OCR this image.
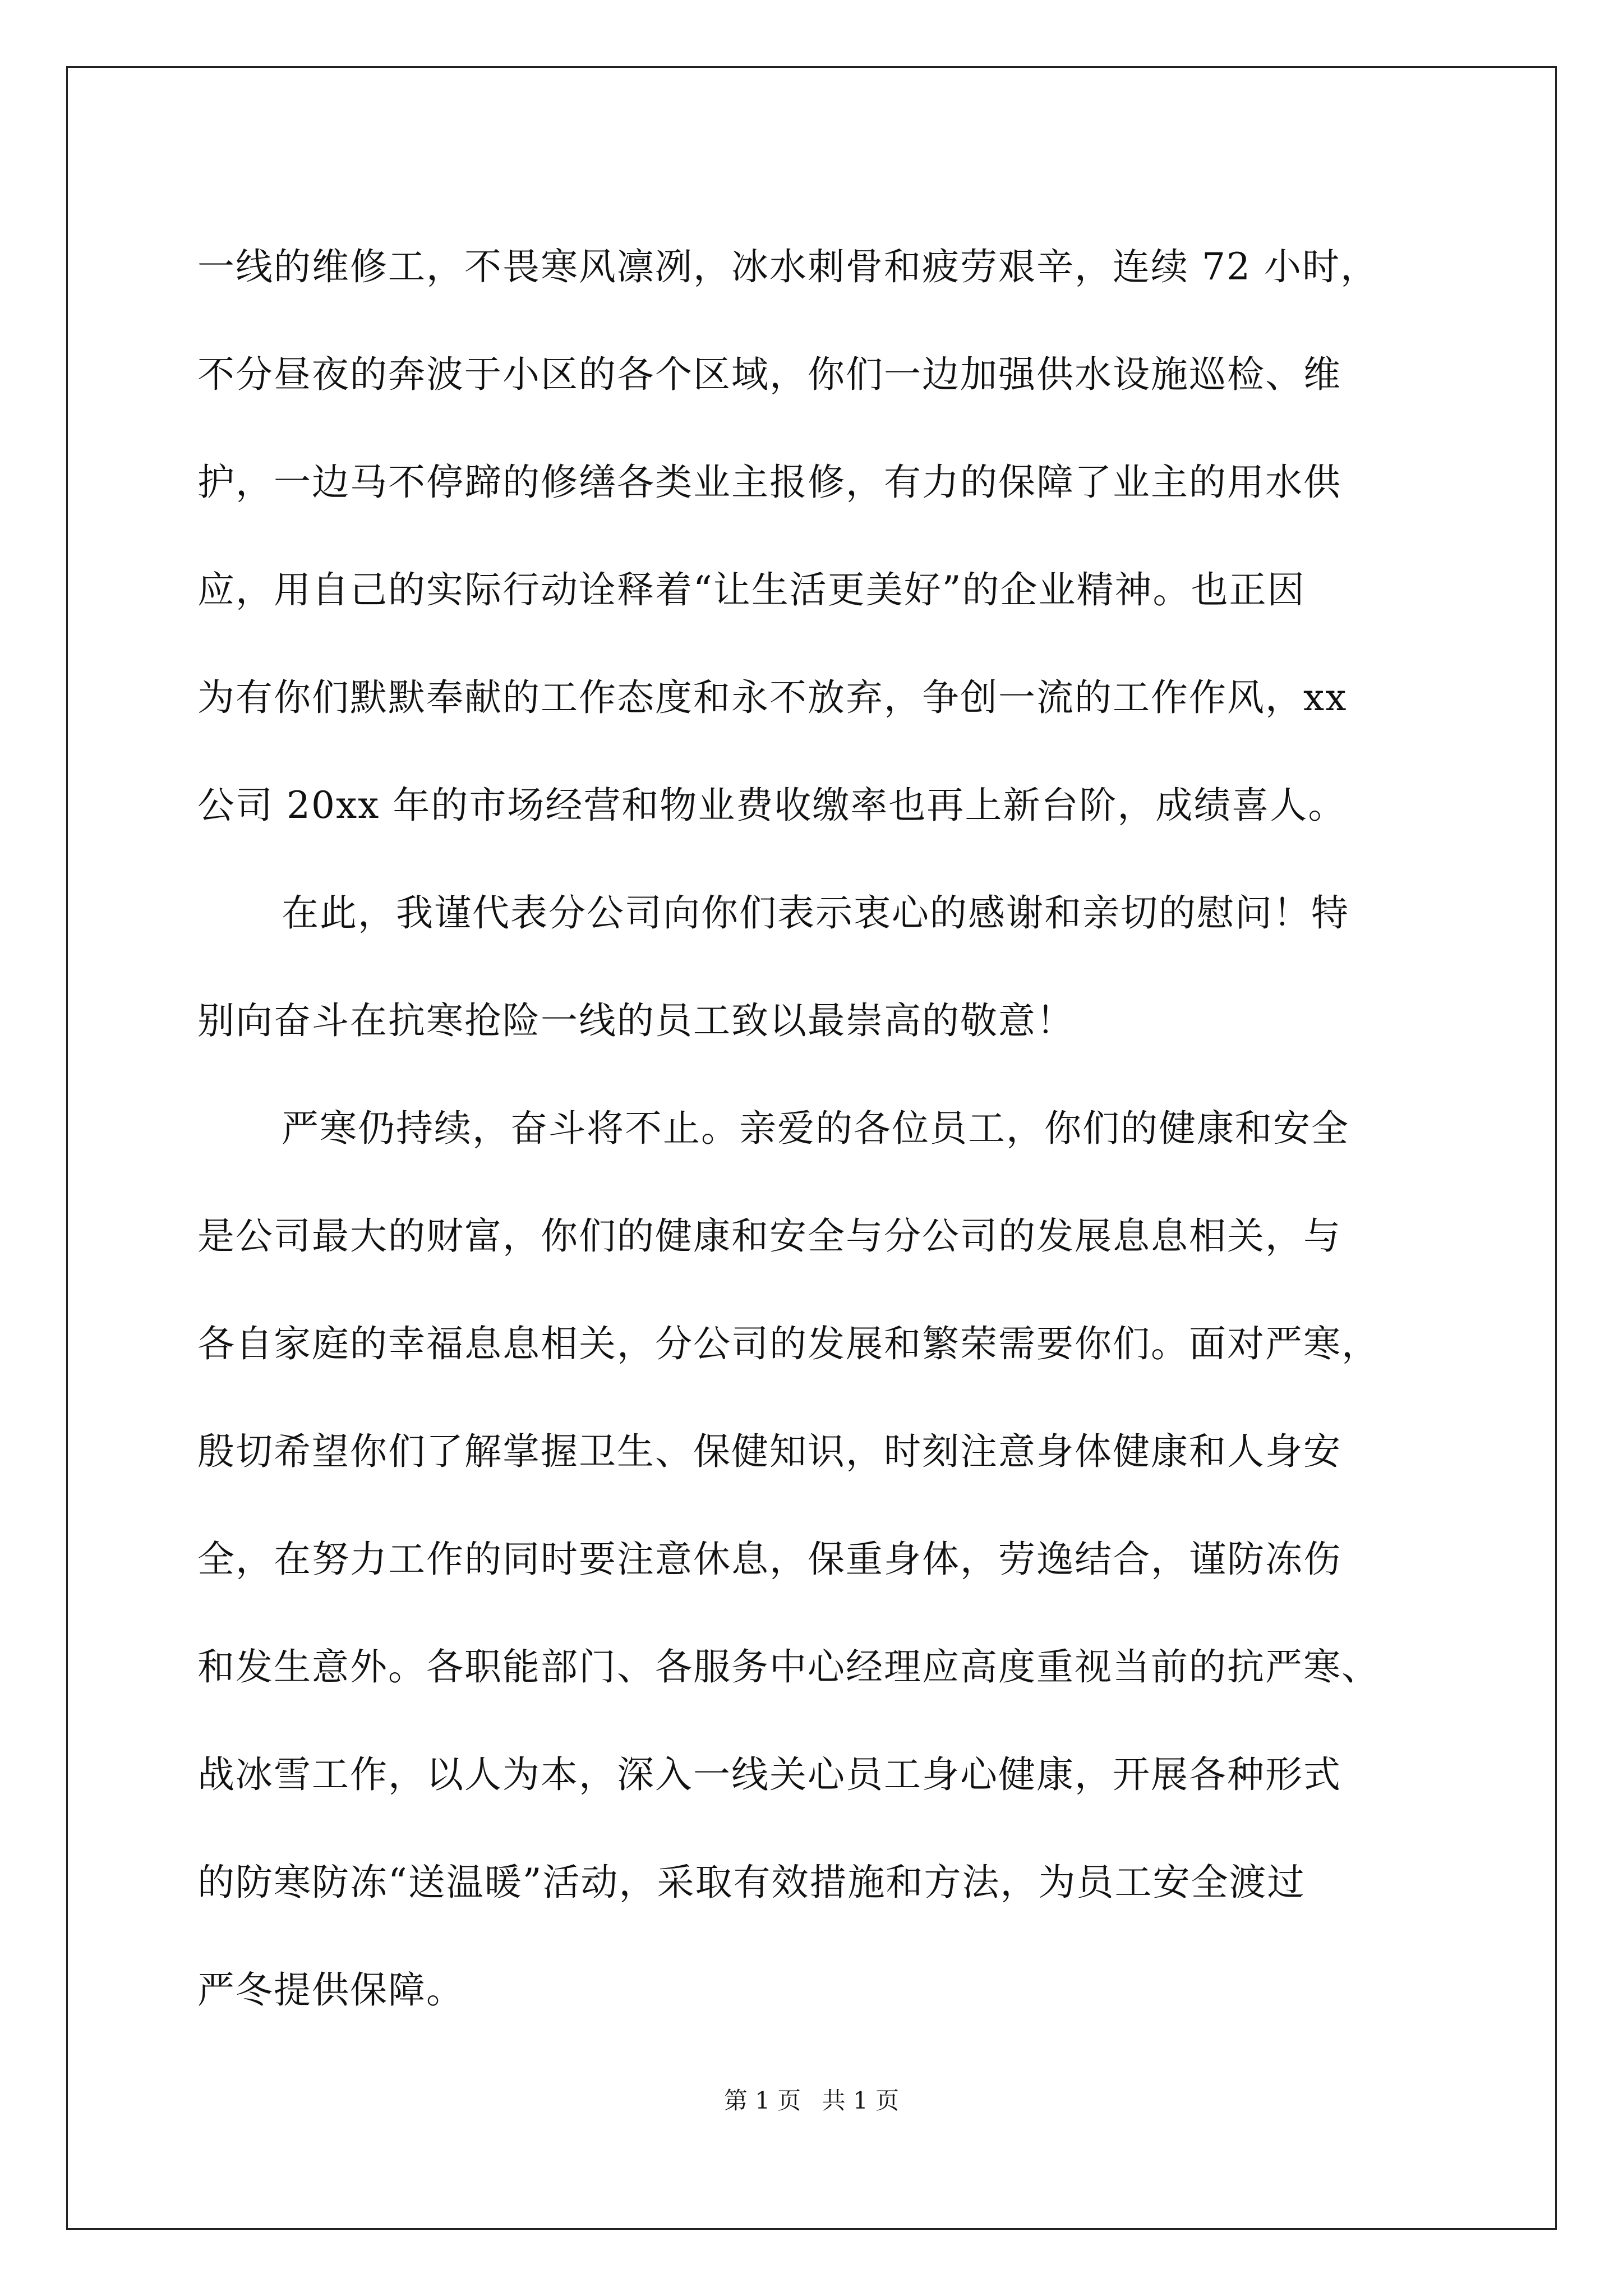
一线的维修工，不畏寒风凛冽，冰水刺骨和疲劳艰辛，连续 72 小时，
不分昼夜的奔波于小区的各个区域，你们一边加强供水设施巡检、维
护，一边马不停蹄的修缮各类业主报修，有力的保障了业主的用水供
应，用自己的实际行动诠释着“让生活更美好”的企业精神。也正因
为有你们默默奉献的工作态度和永不放弃，争创一流的工作作风，xx
公司 20xx 年的市场经营和物业费收缴率也再上新台阶，成绩喜人。
在此，我谨代表分公司向你们表示衷心的感谢和亲切的慰问！特
别向奋斗在抗寒抢险一线的员工致以最崇高的敬意！
严寒仍持续，奋斗将不止。亲爱的各位员工，你们的健康和安全
是公司最大的财富，你们的健康和安全与分公司的发展息息相关，与
各自家庭的幸福息息相关，分公司的发展和繁荣需要你们。面对严寒，
殷切希望你们了解掌握卫生、保健知识，时刻注意身体健康和人身安
全，在努力工作的同时要注意休息，保重身体，劳逸结合，谨防冻伤
和发生意外。各职能部门、各服务中心经理应高度重视当前的抗严寒、
战冰雪工作，以人为本，深入一线关心员工身心健康，开展各种形式
的防寒防冻“送温暖”活动，采取有效措施和方法，为员工安全渡过
严冬提供保障。
第 1 页 共 1 页
